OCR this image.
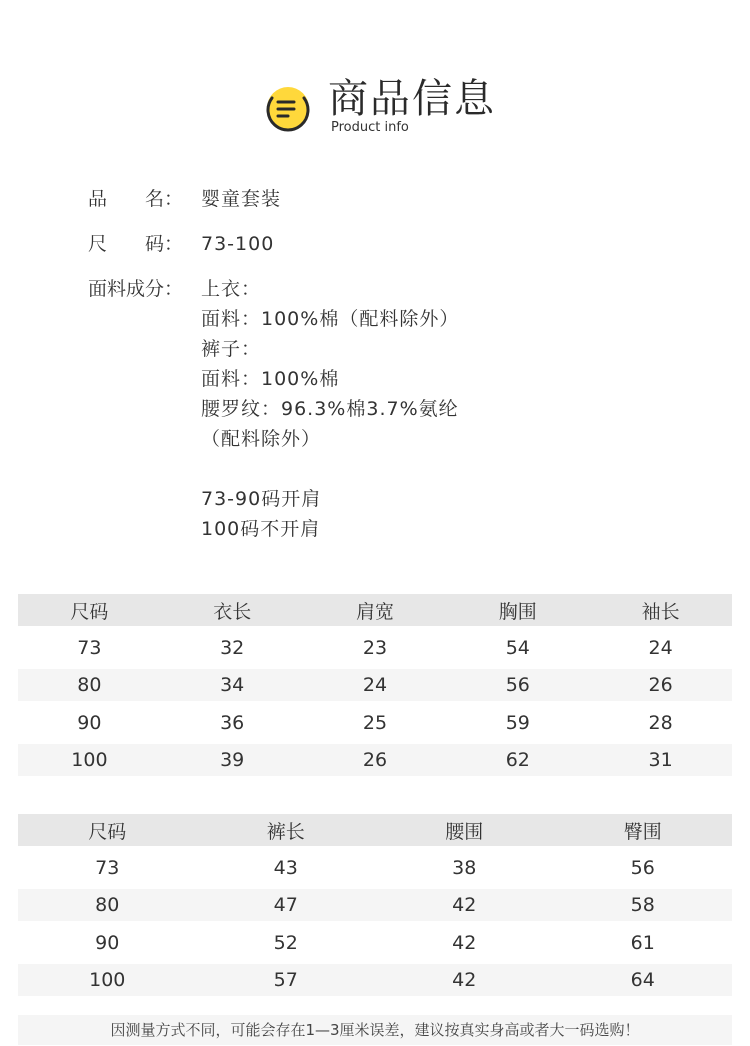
商品信息
Product info
品　　名： 婴童套装
尺　　码： 73-100
面料成分： 上衣：
面料：100%棉（配料除外）
裤子：
面料：100%棉
腰罗纹：96.3%棉3.7%氨纶
（配料除外）
73-90码开肩
100码不开肩
尺码	衣长	肩宽	胸围	袖长
73	32	23	54	24
80	34	24	56	26
90	36	25	59	28
100	39	26	62	31
尺码	裤长	腰围	臀围
73	43	38	56
80	47	42	58
90	52	42	61
100	57	42	64
因测量方式不同，可能会存在1—3厘米误差，建议按真实身高或者大一码选购！
